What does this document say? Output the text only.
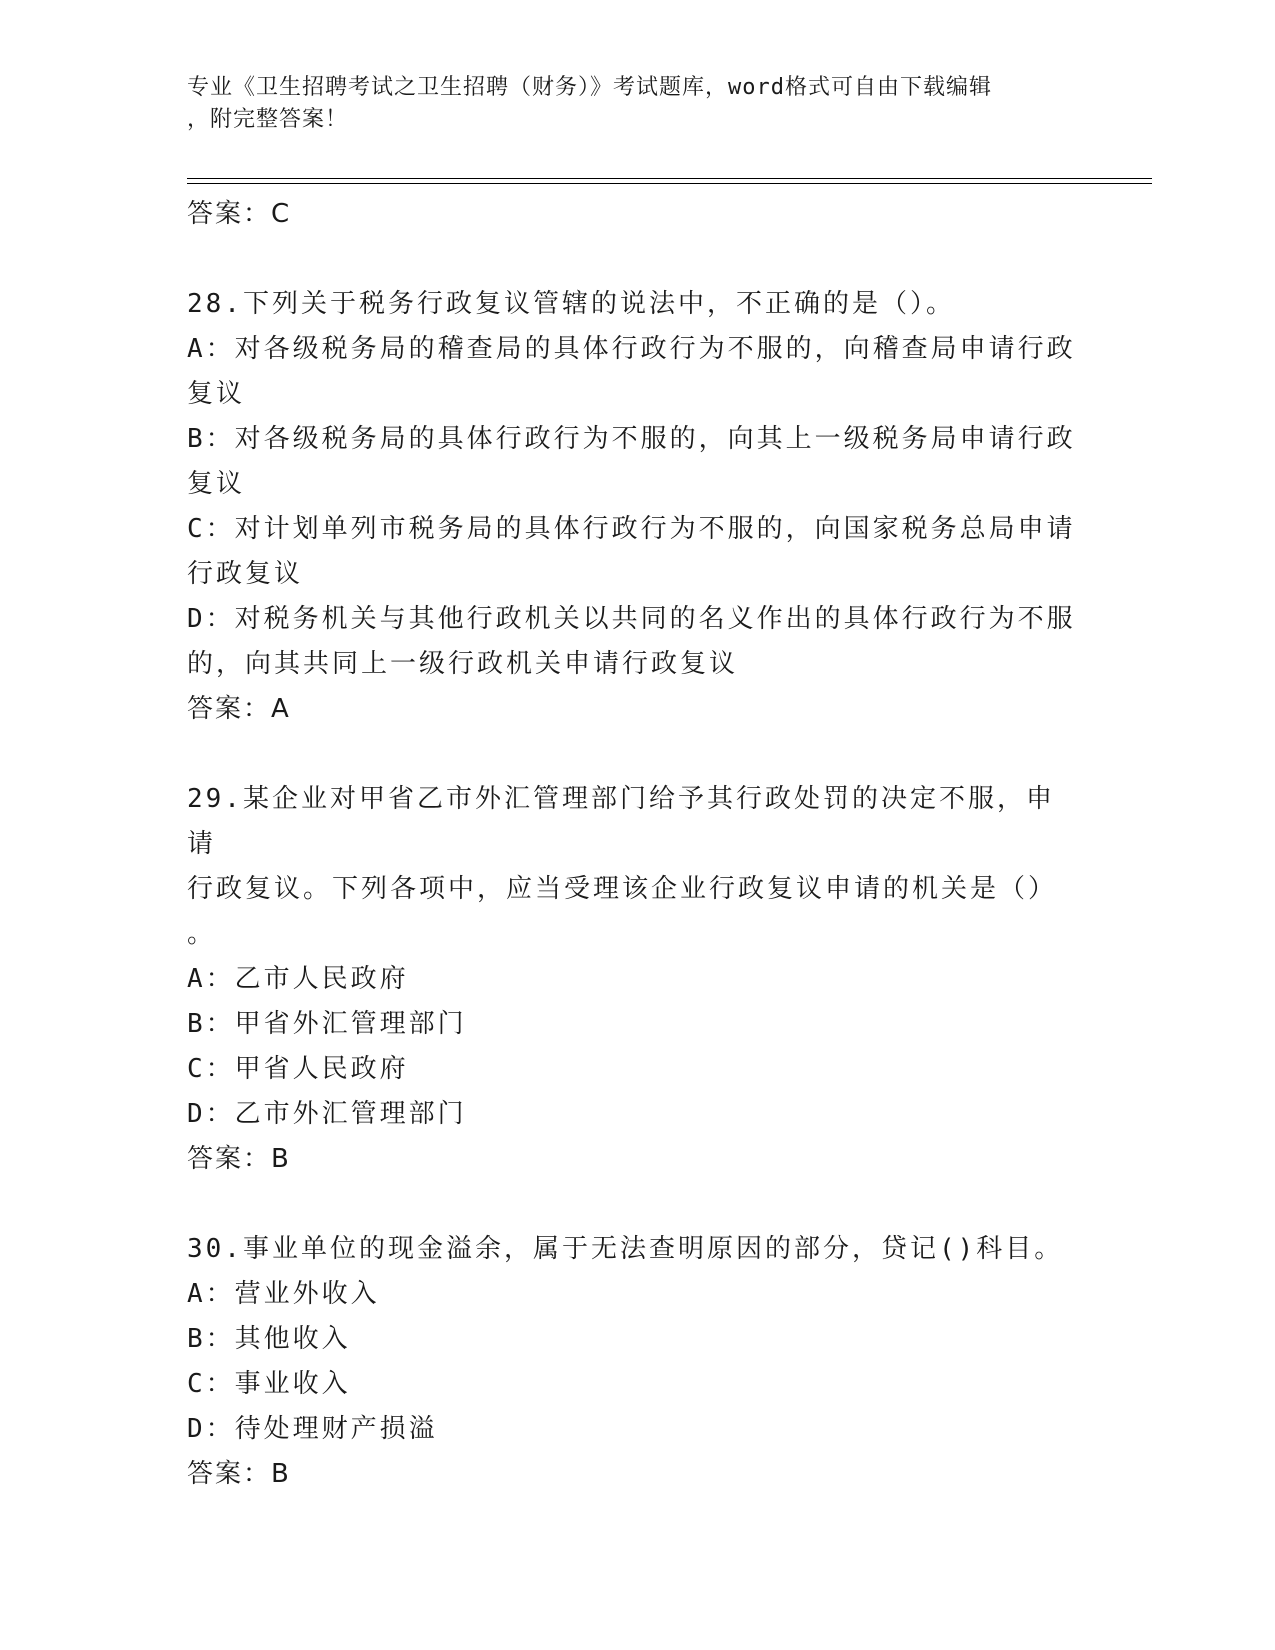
专业《卫生招聘考试之卫生招聘（财务）》考试题库，word格式可自由下载编辑
，附完整答案！
答案：C
28.下列关于税务行政复议管辖的说法中，不正确的是（）。
A：对各级税务局的稽查局的具体行政行为不服的，向稽查局申请行政
复议
B：对各级税务局的具体行政行为不服的，向其上一级税务局申请行政
复议
C：对计划单列市税务局的具体行政行为不服的，向国家税务总局申请
行政复议
D：对税务机关与其他行政机关以共同的名义作出的具体行政行为不服
的，向其共同上一级行政机关申请行政复议
答案：A
29.某企业对甲省乙市外汇管理部门给予其行政处罚的决定不服，申请
行政复议。下列各项中，应当受理该企业行政复议申请的机关是（）
。
A：乙市人民政府
B：甲省外汇管理部门
C：甲省人民政府
D：乙市外汇管理部门
答案：B
30.事业单位的现金溢余，属于无法查明原因的部分，贷记()科目。
A：营业外收入
B：其他收入
C：事业收入
D：待处理财产损溢
答案：B
